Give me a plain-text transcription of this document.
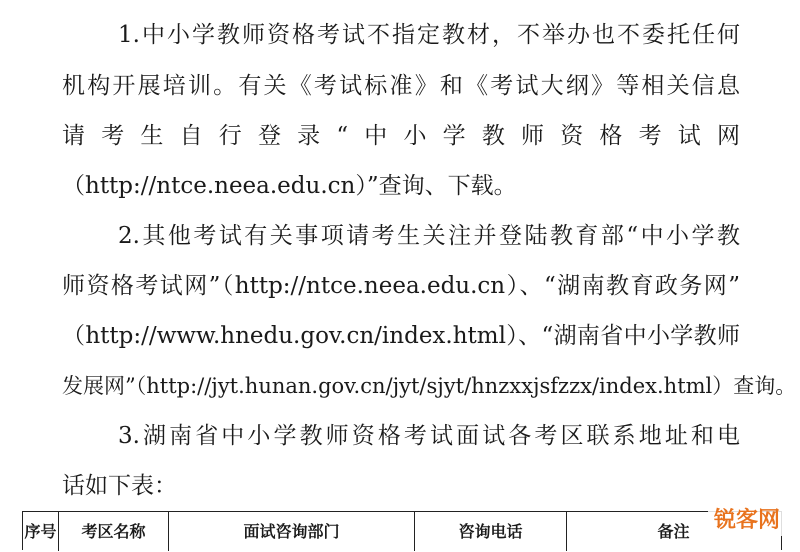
1.中小学教师资格考试不指定教材，不举办也不委托任何
机构开展培训。有关《考试标准》和《考试大纲》等相关信息
请考生自行登录“中小学教师资格考试网
（http://ntce.neea.edu.cn）”查询、下载。
2.其他考试有关事项请考生关注并登陆教育部“中小学教
师资格考试网”（http://ntce.neea.edu.cn）、“湖南教育政务网”
（http://www.hnedu.gov.cn/index.html）、“湖南省中小学教师
发展网”（http://jyt.hunan.gov.cn/jyt/sjyt/hnzxxjsfzzx/index.html）查询。
3.湖南省中小学教师资格考试面试各考区联系地址和电
话如下表：
序号	考区名称	面试咨询部门	咨询电话	备注	锐客网
